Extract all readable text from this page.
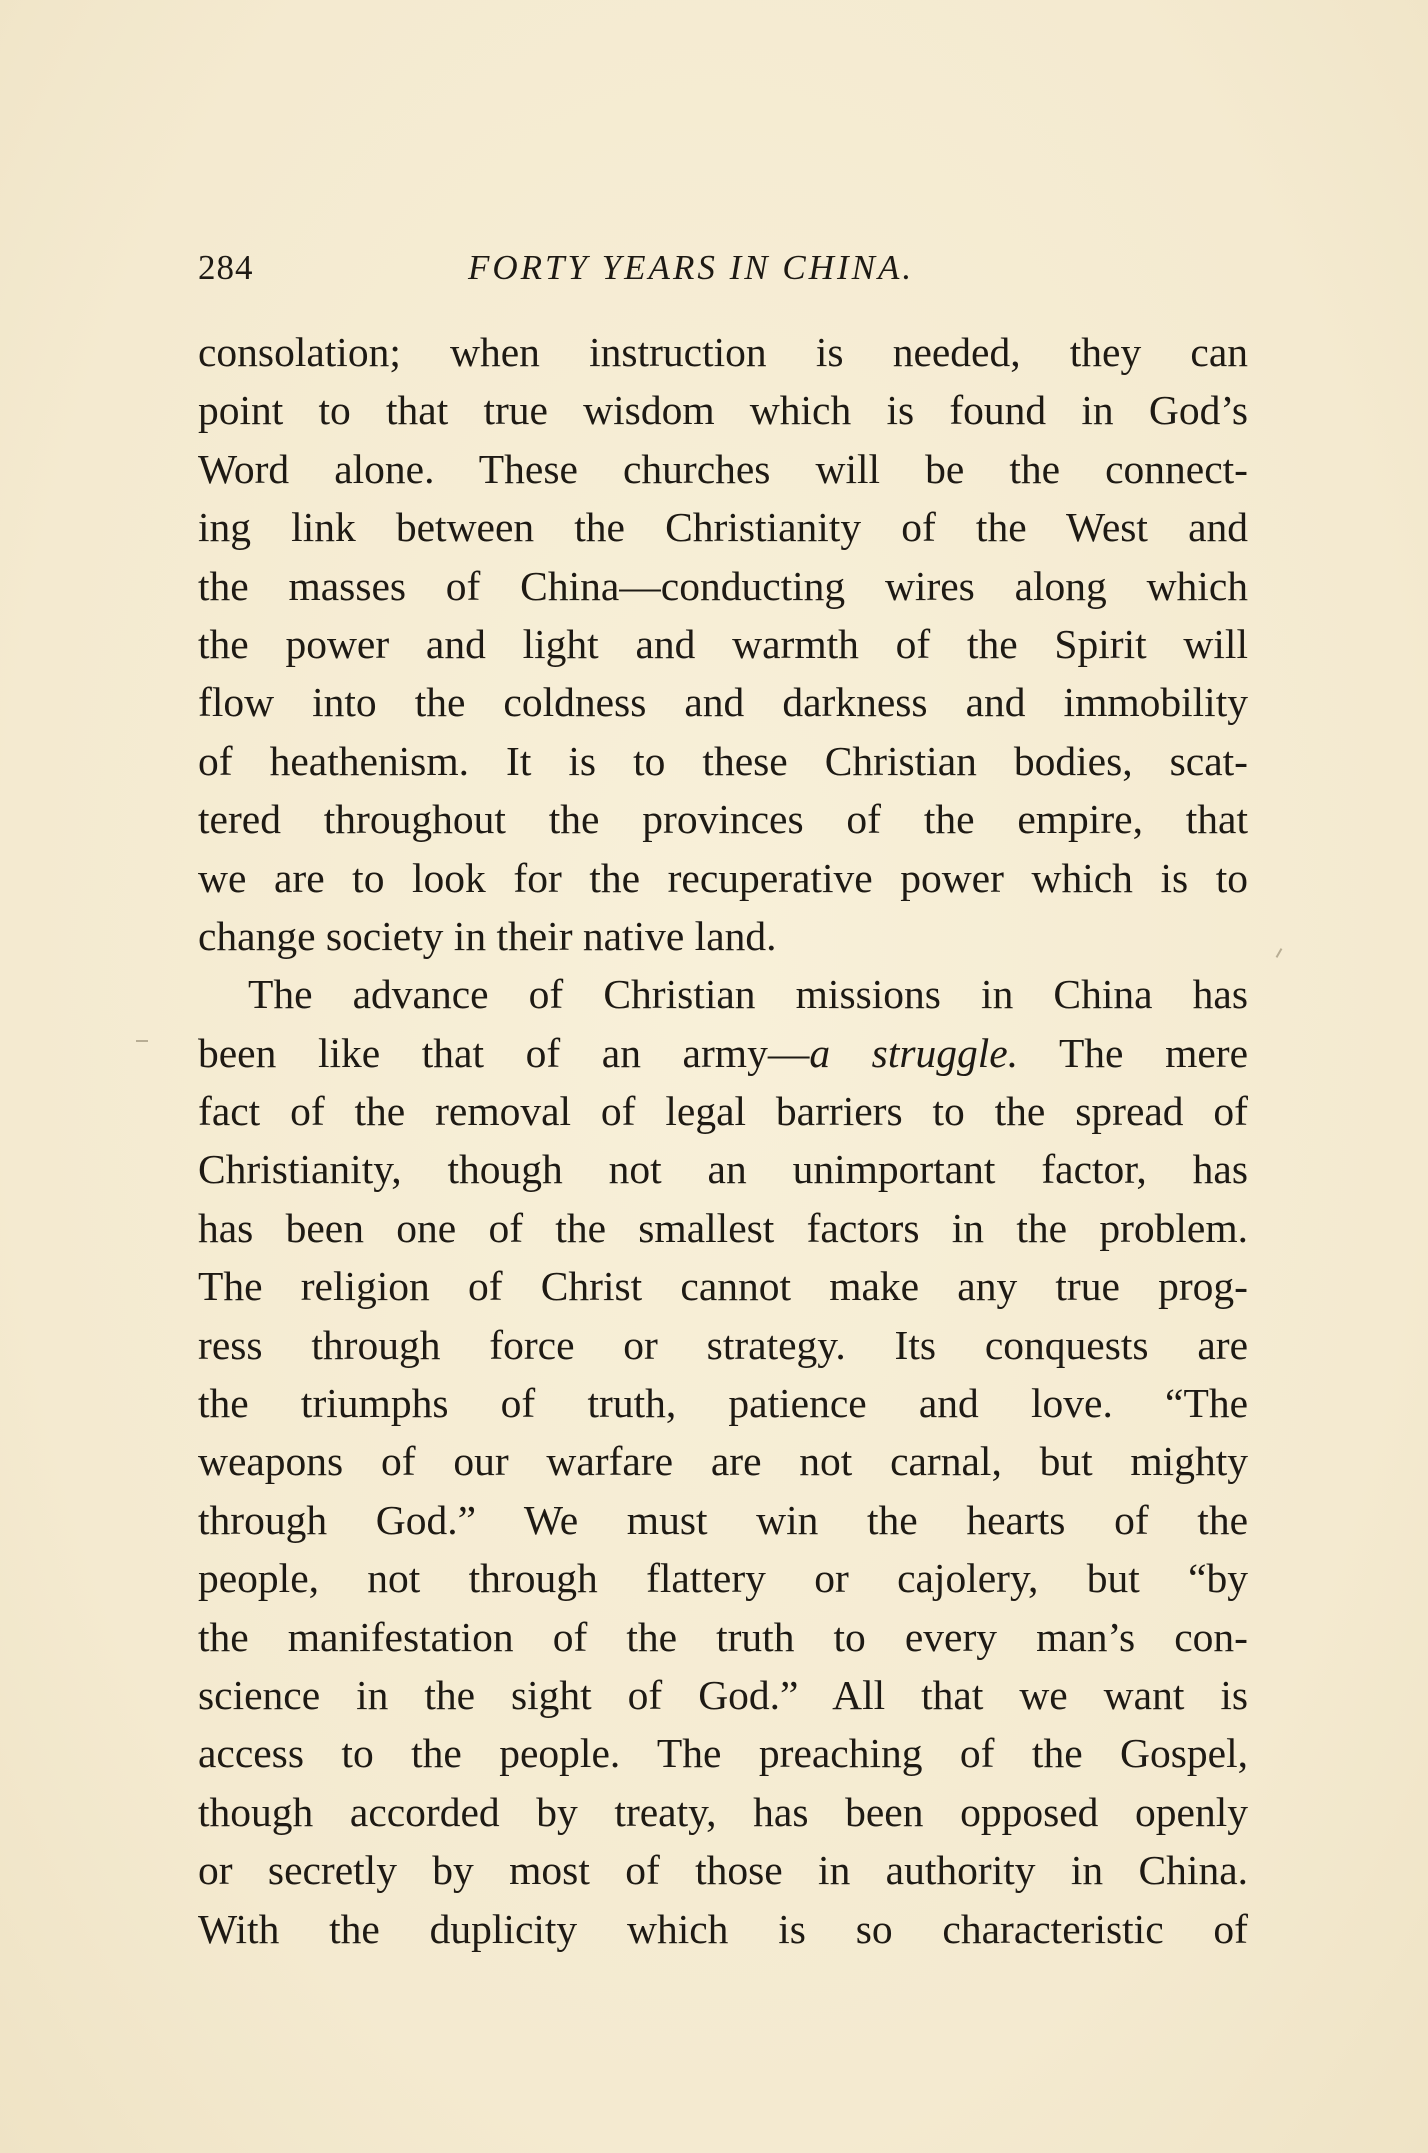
284	FORTY YEARS IN CHINA.
consolation; when instruction is needed, they can
point to that true wisdom which is found in God’s
Word alone. These churches will be the connect-
ing link between the Christianity of the West and
the masses of China—conducting wires along which
the power and light and warmth of the Spirit will
flow into the coldness and darkness and immobility
of heathenism. It is to these Christian bodies, scat-
tered throughout the provinces of the empire, that
we are to look for the recuperative power which is to
change society in their native land.
The advance of Christian missions in China has
been like that of an army—a struggle. The mere
fact of the removal of legal barriers to the spread of
Christianity, though not an unimportant factor, has
has been one of the smallest factors in the problem.
The religion of Christ cannot make any true prog-
ress through force or strategy. Its conquests are
the triumphs of truth, patience and love. “The
weapons of our warfare are not carnal, but mighty
through God.” We must win the hearts of the
people, not through flattery or cajolery, but “by
the manifestation of the truth to every man’s con-
science in the sight of God.” All that we want is
access to the people. The preaching of the Gospel,
though accorded by treaty, has been opposed openly
or secretly by most of those in authority in China.
With the duplicity which is so characteristic of
